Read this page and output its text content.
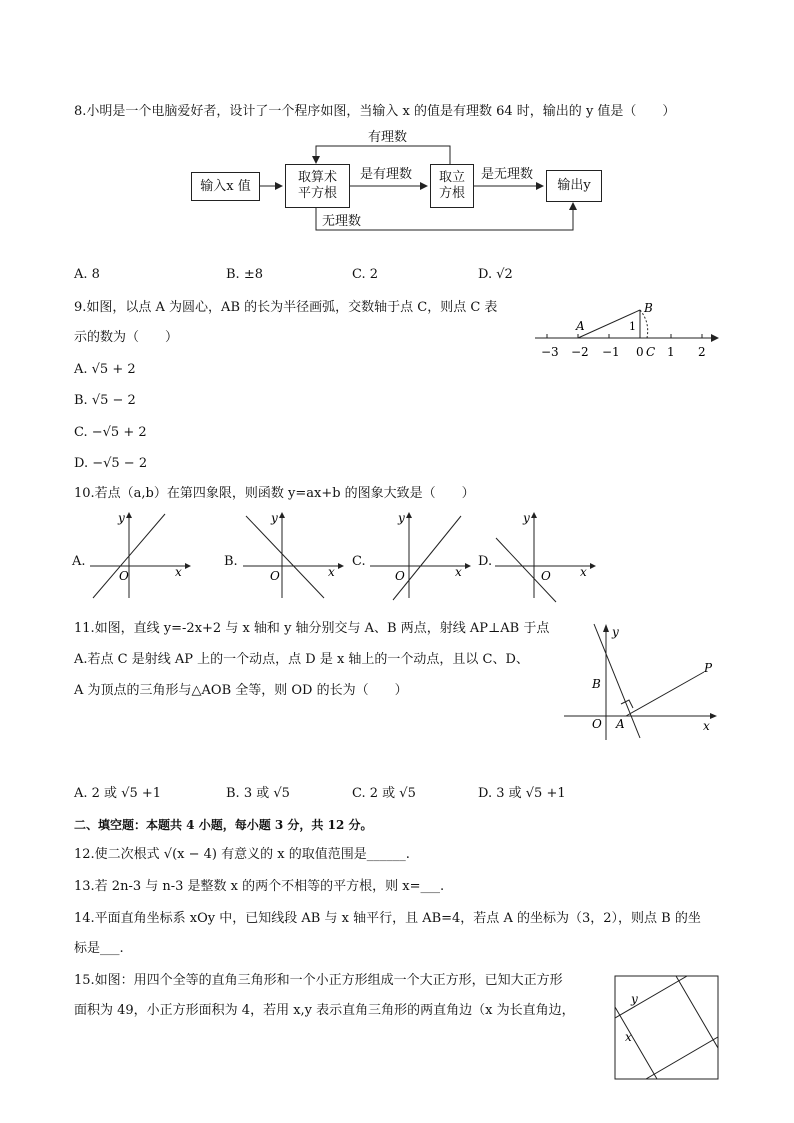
8.小明是一个电脑爱好者，设计了一个程序如图，当输入 x 的值是有理数 64 时，输出的 y 值是（　　）
输入x 值
取算术
平方根
取立
方根
输出y
有理数
是有理数	是无理数
无理数
A. 8	B. ±8	C. 2	D. √2
9.如图，以点 A 为圆心，AB 的长为半径画弧，交数轴于点 C，则点 C 表
示的数为（　　）
A. √5 + 2
B. √5 − 2
C. −√5 + 2
D. −√5 − 2
−3 −2 −1 0 1 2
A
B
C
1
10.若点（a,b）在第四象限，则函数 y=ax+b 的图象大致是（　　）
A.
O	x
y
B.
O	x
y
C.
O	x
y
D.
O x
y
11.如图，直线 y=-2x+2 与 x 轴和 y 轴分别交与 A、B 两点，射线 AP⊥AB 于点
A.若点 C 是射线 AP 上的一个动点，点 D 是 x 轴上的一个动点，且以 C、D、
A 为顶点的三角形与△AOB 全等，则 OD 的长为（　　）
y
x
O A
B
P
A. 2 或 √5 +1	B. 3 或 √5	C. 2 或 √5	D. 3 或 √5 +1
二、填空题：本题共 4 小题，每小题 3 分，共 12 分。
12.使二次根式 √(x − 4) 有意义的 x 的取值范围是______.
13.若 2n-3 与 n-3 是整数 x 的两个不相等的平方根，则 x=___.
14.平面直角坐标系 xOy 中，已知线段 AB 与 x 轴平行，且 AB=4，若点 A 的坐标为（3，2），则点 B 的坐
标是___.
15.如图：用四个全等的直角三角形和一个小正方形组成一个大正方形，已知大正方形
面积为 49，小正方形面积为 4，若用 x,y 表示直角三角形的两直角边（x 为长直角边，
y
x
